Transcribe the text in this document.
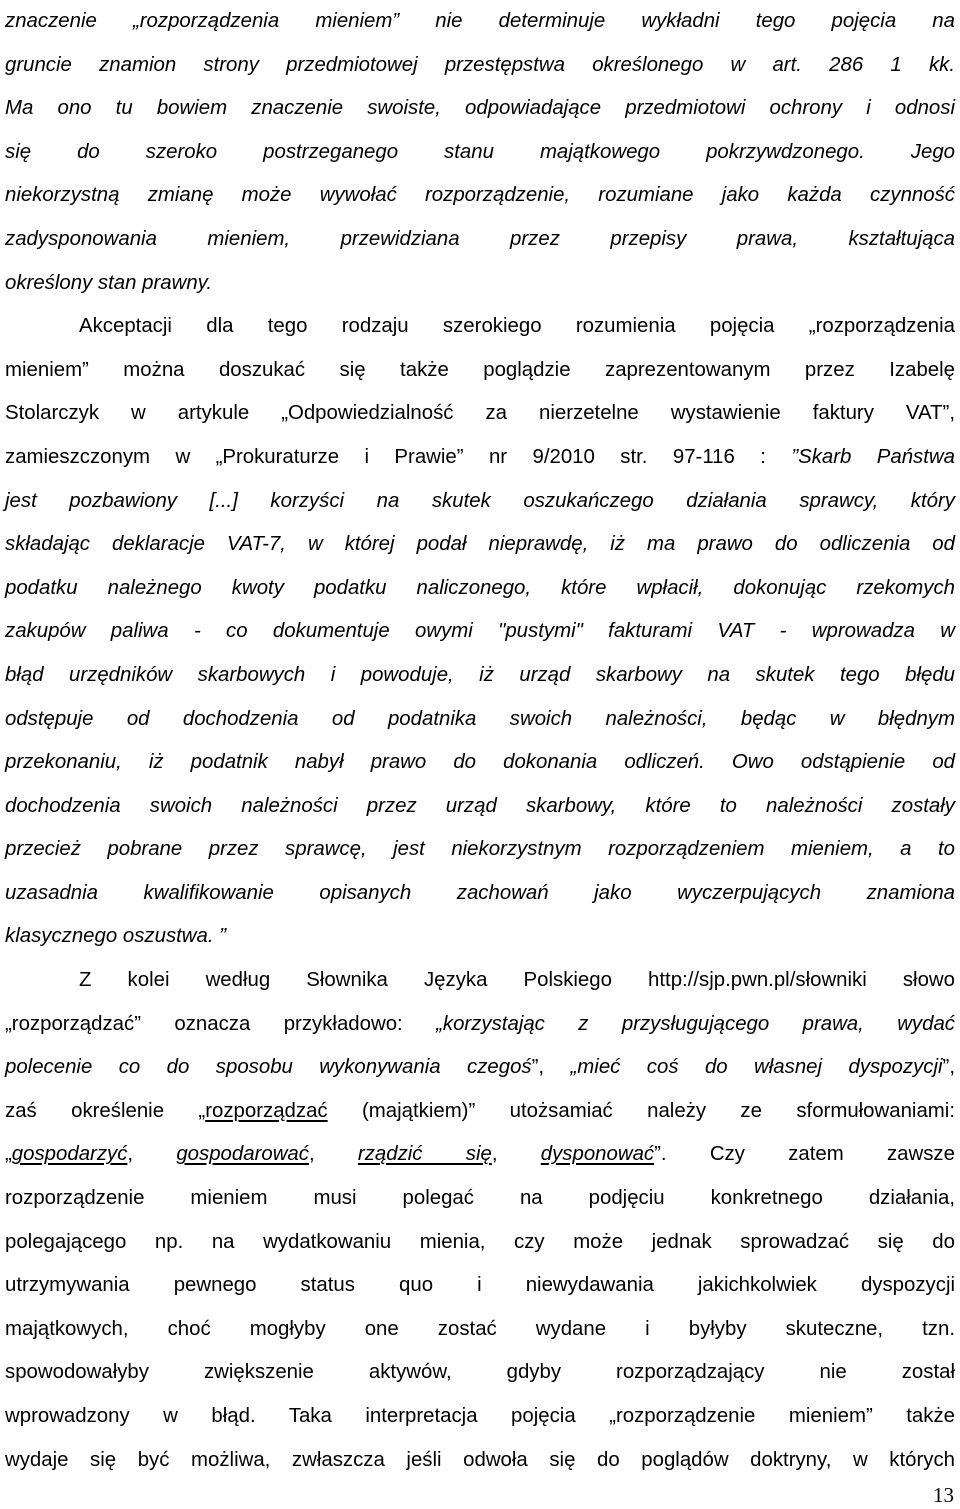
znaczenie „rozporządzenia mieniem” nie determinuje wykładni tego pojęcia na
gruncie znamion strony przedmiotowej przestępstwa określonego w art. 286 1 kk.
Ma ono tu bowiem znaczenie swoiste, odpowiadające przedmiotowi ochrony i odnosi
się do szeroko postrzeganego stanu majątkowego pokrzywdzonego. Jego
niekorzystną zmianę może wywołać rozporządzenie, rozumiane jako każda czynność
zadysponowania mieniem, przewidziana przez przepisy prawa, kształtująca
określony stan prawny.
Akceptacji dla tego rodzaju szerokiego rozumienia pojęcia „rozporządzenia
mieniem” można doszukać się także poglądzie zaprezentowanym przez Izabelę
Stolarczyk w artykule „Odpowiedzialność za nierzetelne wystawienie faktury VAT”,
zamieszczonym w „Prokuraturze i Prawie” nr 9/2010 str. 97-116 : ”Skarb Państwa
jest pozbawiony [...] korzyści na skutek oszukańczego działania sprawcy, który
składając deklaracje VAT-7, w której podał nieprawdę, iż ma prawo do odliczenia od
podatku należnego kwoty podatku naliczonego, które wpłacił, dokonując rzekomych
zakupów paliwa - co dokumentuje owymi "pustymi" fakturami VAT - wprowadza w
błąd urzędników skarbowych i powoduje, iż urząd skarbowy na skutek tego błędu
odstępuje od dochodzenia od podatnika swoich należności, będąc w błędnym
przekonaniu, iż podatnik nabył prawo do dokonania odliczeń. Owo odstąpienie od
dochodzenia swoich należności przez urząd skarbowy, które to należności zostały
przecież pobrane przez sprawcę, jest niekorzystnym rozporządzeniem mieniem, a to
uzasadnia kwalifikowanie opisanych zachowań jako wyczerpujących znamiona
klasycznego oszustwa. ”
Z kolei według Słownika Języka Polskiego http://sjp.pwn.pl/słowniki słowo
„rozporządzać” oznacza przykładowo: „korzystając z przysługującego prawa, wydać
polecenie co do sposobu wykonywania czegoś”, „mieć coś do własnej dyspozycji”,
zaś określenie „rozporządzać (majątkiem)” utożsamiać należy ze sformułowaniami:
„gospodarzyć, gospodarować, rządzić się, dysponować”. Czy zatem zawsze
rozporządzenie mieniem musi polegać na podjęciu konkretnego działania,
polegającego np. na wydatkowaniu mienia, czy może jednak sprowadzać się do
utrzymywania pewnego status quo i niewydawania jakichkolwiek dyspozycji
majątkowych, choć mogłyby one zostać wydane i byłyby skuteczne, tzn.
spowodowałyby zwiększenie aktywów, gdyby rozporządzający nie został
wprowadzony w błąd. Taka interpretacja pojęcia „rozporządzenie mieniem” także
wydaje się być możliwa, zwłaszcza jeśli odwoła się do poglądów doktryny, w których
13
